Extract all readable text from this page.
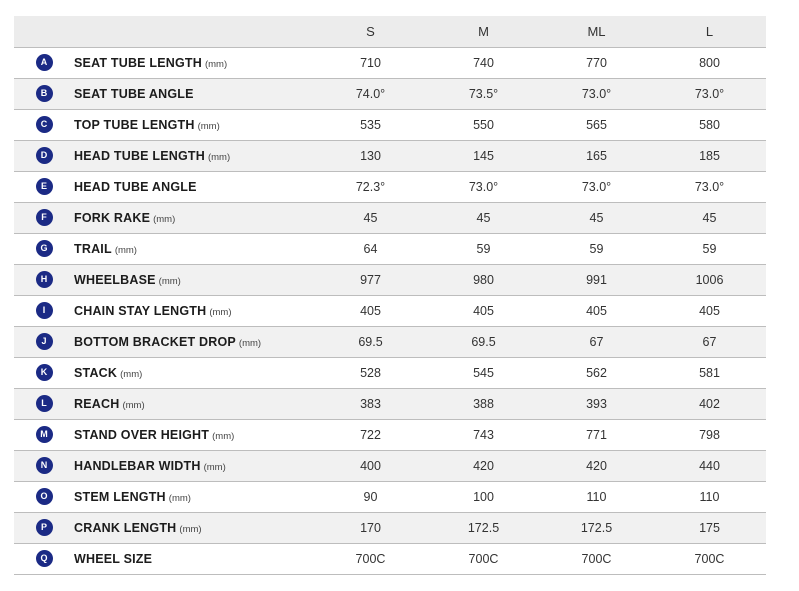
		S	M	ML	L
A	SEAT TUBE LENGTH (mm)	710	740	770	800
B	SEAT TUBE ANGLE	74.0°	73.5°	73.0°	73.0°
C	TOP TUBE LENGTH (mm)	535	550	565	580
D	HEAD TUBE LENGTH (mm)	130	145	165	185
E	HEAD TUBE ANGLE	72.3°	73.0°	73.0°	73.0°
F	FORK RAKE (mm)	45	45	45	45
G	TRAIL (mm)	64	59	59	59
H	WHEELBASE (mm)	977	980	991	1006
I	CHAIN STAY LENGTH (mm)	405	405	405	405
J	BOTTOM BRACKET DROP (mm)	69.5	69.5	67	67
K	STACK (mm)	528	545	562	581
L	REACH (mm)	383	388	393	402
M	STAND OVER HEIGHT (mm)	722	743	771	798
N	HANDLEBAR WIDTH (mm)	400	420	420	440
O	STEM LENGTH (mm)	90	100	110	110
P	CRANK LENGTH (mm)	170	172.5	172.5	175
Q	WHEEL SIZE	700C	700C	700C	700C
